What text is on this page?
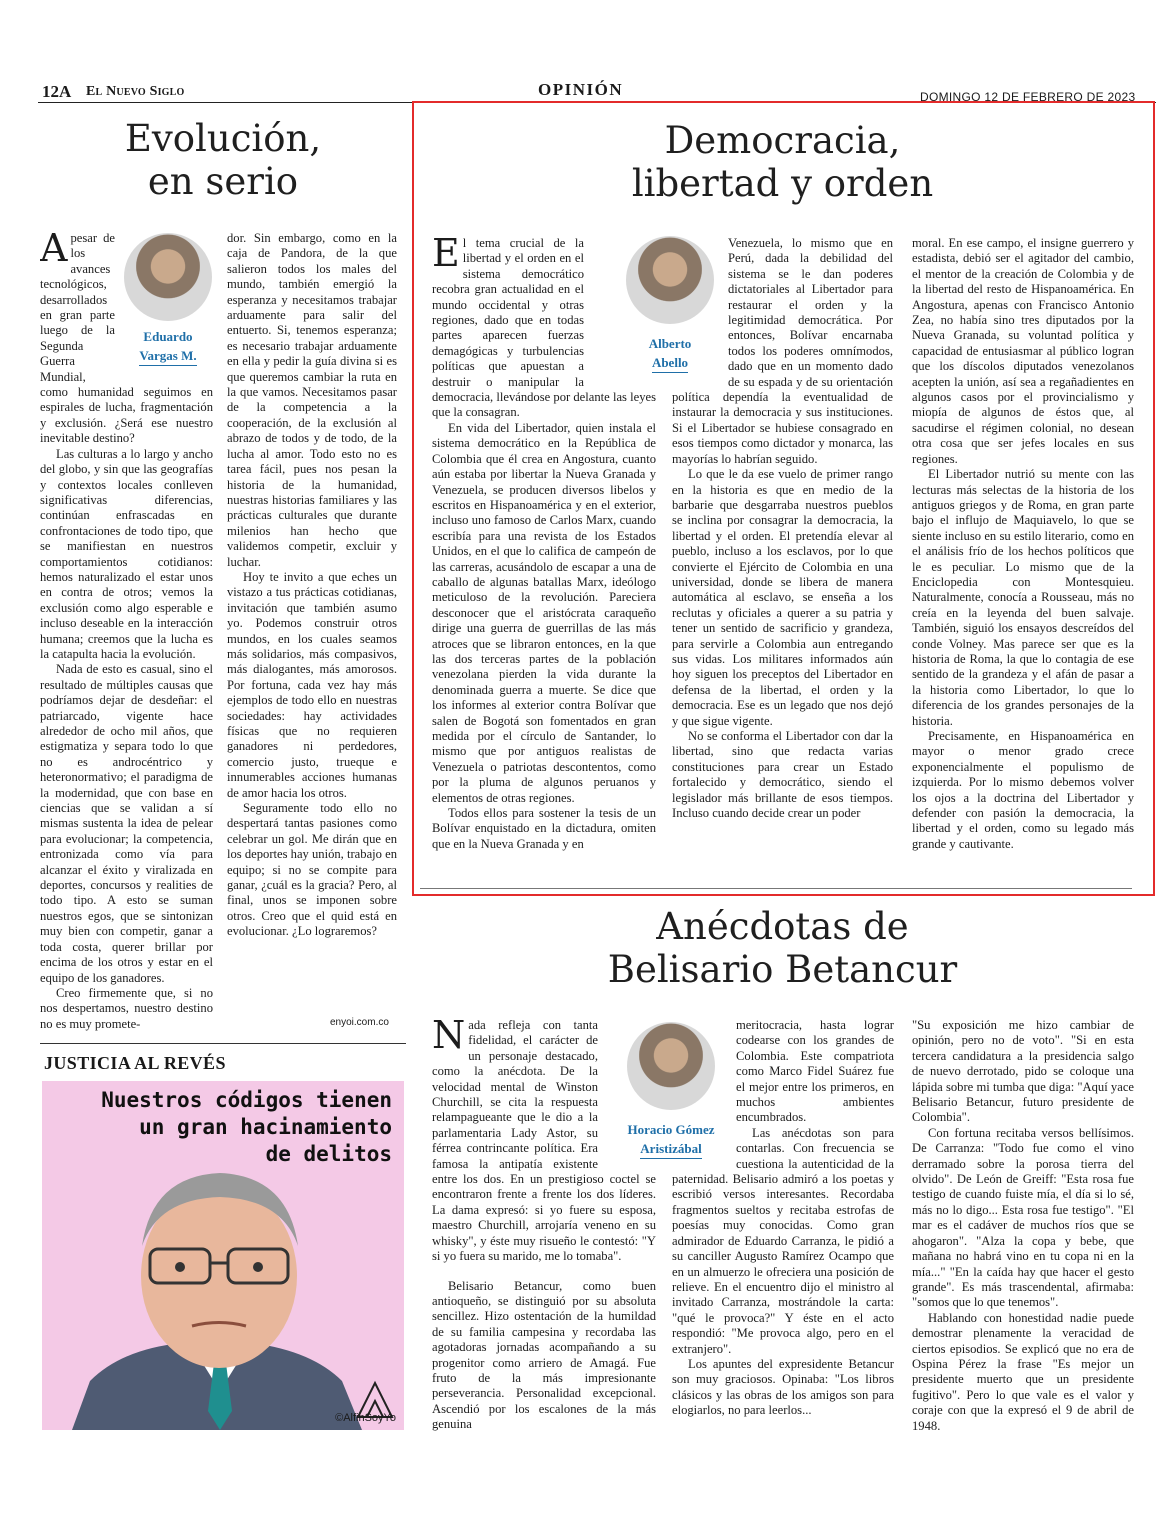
12A El Nuevo Siglo	OPINIÓN	DOMINGO 12 DE FEBRERO DE 2023
Evolución,
en serio
Eduardo
Vargas M.

Apesar de los avances tecnológicos, desarrollados en gran parte luego de la Segunda Guerra Mundial, como humanidad seguimos en espirales de lucha, fragmentación y exclusión. ¿Será ese nuestro inevitable destino?

Las culturas a lo largo y ancho del globo, y sin que las geografías y contextos locales conlleven significativas diferencias, continúan enfrascadas en confrontaciones de todo tipo, que se manifiestan en nuestros comportamientos cotidianos: hemos naturalizado el estar unos en contra de otros; vemos la exclusión como algo esperable e incluso deseable en la interacción humana; creemos que la lucha es la catapulta hacia la evolución.

Nada de esto es casual, sino el resultado de múltiples causas que podríamos dejar de desdeñar: el patriarcado, vigente hace alrededor de ocho mil años, que estigmatiza y separa todo lo que no es androcéntrico y heteronormativo; el paradigma de la modernidad, que con base en ciencias que se validan a sí mismas sustenta la idea de pelear para evolucionar; la competencia, entronizada como vía para alcanzar el éxito y viralizada en deportes, concursos y realities de todo tipo. A esto se suman nuestros egos, que se sintonizan muy bien con competir, ganar a toda costa, querer brillar por encima de los otros y estar en el equipo de los ganadores.

Creo firmemente que, si no nos despertamos, nuestro destino no es muy promete-

dor. Sin embargo, como en la caja de Pandora, de la que salieron todos los males del mundo, también emergió la esperanza y necesitamos trabajar arduamente para salir del entuerto. Si, tenemos esperanza; es necesario trabajar arduamente en ella y pedir la guía divina si es que queremos cambiar la ruta en la que vamos. Necesitamos pasar de la competencia a la cooperación, de la exclusión al abrazo de todos y de todo, de la lucha al amor. Todo esto no es tarea fácil, pues nos pesan la historia de la humanidad, nuestras historias familiares y las prácticas culturales que durante milenios han hecho que validemos competir, excluir y luchar.

Hoy te invito a que eches un vistazo a tus prácticas cotidianas, invitación que también asumo yo. Podemos construir otros mundos, en los cuales seamos más solidarios, más compasivos, más dialogantes, más amorosos. Por fortuna, cada vez hay más ejemplos de todo ello en nuestras sociedades: hay actividades físicas que no requieren ganadores ni perdedores, comercio justo, trueque e innumerables acciones humanas de amor hacia los otros.

Seguramente todo ello no despertará tantas pasiones como celebrar un gol. Me dirán que en los deportes hay unión, trabajo en equipo; si no se compite para ganar, ¿cuál es la gracia? Pero, al final, unos se imponen sobre otros. Creo que el quid está en evolucionar. ¿Lo lograremos?

enyoi.com.co
JUSTICIA AL REVÉS
Nuestros códigos tienen
un gran hacinamiento
de delitos
©AlfinSoyYo
Democracia,
libertad y orden

El tema crucial de la libertad y el orden en el sistema democrático recobra gran actualidad en el mundo occidental y otras regiones, dado que en todas partes aparecen fuerzas demagógicas y turbulencias políticas que apuestan a destruir o manipular la democracia, llevándose por delante las leyes que la consagran.

En vida del Libertador, quien instala el sistema democrático en la República de Colombia que él crea en Angostura, cuanto aún estaba por libertar la Nueva Granada y Venezuela, se producen diversos libelos y escritos en Hispanoamérica y en el exterior, incluso uno famoso de Carlos Marx, cuando escribía para una revista de los Estados Unidos, en el que lo califica de campeón de las carreras, acusándolo de escapar a una de caballo de algunas batallas Marx, ideólogo meticuloso de la revolución. Pareciera desconocer que el aristócrata caraqueño dirige una guerra de guerrillas de las más atroces que se libraron entonces, en la que las dos terceras partes de la población venezolana pierden la vida durante la denominada guerra a muerte. Se dice que los informes al exterior contra Bolívar que salen de Bogotá son fomentados en gran medida por el círculo de Santander, lo mismo que por antiguos realistas de Venezuela o patriotas descontentos, como por la pluma de algunos peruanos y elementos de otras regiones.

Todos ellos para sostener la tesis de un Bolívar enquistado en la dictadura, omiten que en la Nueva Granada y en

Alberto
Abello

Venezuela, lo mismo que en Perú, dada la debilidad del sistema se le dan poderes dictatoriales al Libertador para restaurar el orden y la legitimidad democrática. Por entonces, Bolívar encarnaba todos los poderes omnímodos, dado que en un momento dado de su espada y de su orientación política dependía la eventualidad de instaurar la democracia y sus instituciones. Si el Libertador se hubiese consagrado en esos tiempos como dictador y monarca, las mayorías lo habrían seguido.

Lo que le da ese vuelo de primer rango en la historia es que en medio de la barbarie que desgarraba nuestros pueblos se inclina por consagrar la democracia, la libertad y el orden. El pretendía elevar al pueblo, incluso a los esclavos, por lo que convierte el Ejército de Colombia en una universidad, donde se libera de manera automática al esclavo, se enseña a los reclutas y oficiales a querer a su patria y tener un sentido de sacrificio y grandeza, para servirle a Colombia aun entregando sus vidas. Los militares informados aún hoy siguen los preceptos del Libertador en defensa de la libertad, el orden y la democracia. Ese es un legado que nos dejó y que sigue vigente.

No se conforma el Libertador con dar la libertad, sino que redacta varias constituciones para crear un Estado fortalecido y democrático, siendo el legislador más brillante de esos tiempos. Incluso cuando decide crear un poder

moral. En ese campo, el insigne guerrero y estadista, debió ser el agitador del cambio, el mentor de la creación de Colombia y de la libertad del resto de Hispanoamérica. En Angostura, apenas con Francisco Antonio Zea, no había sino tres diputados por la Nueva Granada, su voluntad política y capacidad de entusiasmar al público logran que los díscolos diputados venezolanos acepten la unión, así sea a regañadientes en algunos casos por el provincialismo y miopía de algunos de éstos que, al sacudirse el régimen colonial, no desean otra cosa que ser jefes locales en sus regiones.

El Libertador nutrió su mente con las lecturas más selectas de la historia de los antiguos griegos y de Roma, en gran parte bajo el influjo de Maquiavelo, lo que se siente incluso en su estilo literario, como en el análisis frío de los hechos políticos que le es peculiar. Lo mismo que de la Enciclopedia con Montesquieu. Naturalmente, conocía a Rousseau, más no creía en la leyenda del buen salvaje. También, siguió los ensayos descreídos del conde Volney. Mas parece ser que es la historia de Roma, la que lo contagia de ese sentido de la grandeza y el afán de pasar a la historia como Libertador, lo que lo diferencia de los grandes personajes de la historia.

Precisamente, en Hispanoamérica en mayor o menor grado crece exponencialmente el populismo de izquierda. Por lo mismo debemos volver los ojos a la doctrina del Libertador y defender con pasión la democracia, la libertad y el orden, como su legado más grande y cautivante.

Anécdotas de
Belisario Betancur

Nada refleja con tanta fidelidad, el carácter de un personaje destacado, como la anécdota. De la velocidad mental de Winston Churchill, se cita la respuesta relampagueante que le dio a la parlamentaria Lady Astor, su férrea contrincante política. Era famosa la antipatía existente entre los dos. En un prestigioso coctel se encontraron frente a frente los dos líderes. La dama expresó: si yo fuere su esposa, maestro Churchill, arrojaría veneno en su whisky", y éste muy risueño le contestó: "Y si yo fuera su marido, me lo tomaba".

Belisario Betancur, como buen antioqueño, se distinguió por su absoluta sencillez. Hizo ostentación de la humildad de su familia campesina y recordaba las agotadoras jornadas acompañando a su progenitor como arriero de Amagá. Fue fruto de la más impresionante perseverancia. Personalidad excepcional. Ascendió por los escalones de la más genuina

Horacio Gómez
Aristizábal

meritocracia, hasta lograr codearse con los grandes de Colombia. Este compatriota como Marco Fidel Suárez fue el mejor entre los primeros, en muchos ambientes encumbrados.

Las anécdotas son para contarlas. Con frecuencia se cuestiona la autenticidad de la paternidad. Belisario admiró a los poetas y escribió versos interesantes. Recordaba fragmentos sueltos y recitaba estrofas de poesías muy conocidas. Como gran admirador de Eduardo Carranza, le pidió a su canciller Augusto Ramírez Ocampo que en un almuerzo le ofreciera una posición de relieve. En el encuentro dijo el ministro al invitado Carranza, mostrándole la carta: "qué le provoca?" Y éste en el acto respondió: "Me provoca algo, pero en el extranjero".

Los apuntes del expresidente Betancur son muy graciosos. Opinaba: "Los libros clásicos y las obras de los amigos son para elogiarlos, no para leerlos...

"Su exposición me hizo cambiar de opinión, pero no de voto". "Si en esta tercera candidatura a la presidencia salgo de nuevo derrotado, pido se coloque una lápida sobre mi tumba que diga: "Aquí yace Belisario Betancur, futuro presidente de Colombia".

Con fortuna recitaba versos bellísimos. De Carranza: "Todo fue como el vino derramado sobre la porosa tierra del olvido". De León de Greiff: "Esta rosa fue testigo de cuando fuiste mía, el día si lo sé, más no lo digo... Esta rosa fue testigo". "El mar es el cadáver de muchos ríos que se ahogaron". "Alza la copa y bebe, que mañana no habrá vino en tu copa ni en la mía..." "En la caída hay que hacer el gesto grande". Es más trascendental, afirmaba: "somos que lo que tenemos".

Hablando con honestidad nadie puede demostrar plenamente la veracidad de ciertos episodios. Se explicó que no era de Ospina Pérez la frase "Es mejor un presidente muerto que un presidente fugitivo". Pero lo que vale es el valor y coraje con que la expresó el 9 de abril de 1948.
